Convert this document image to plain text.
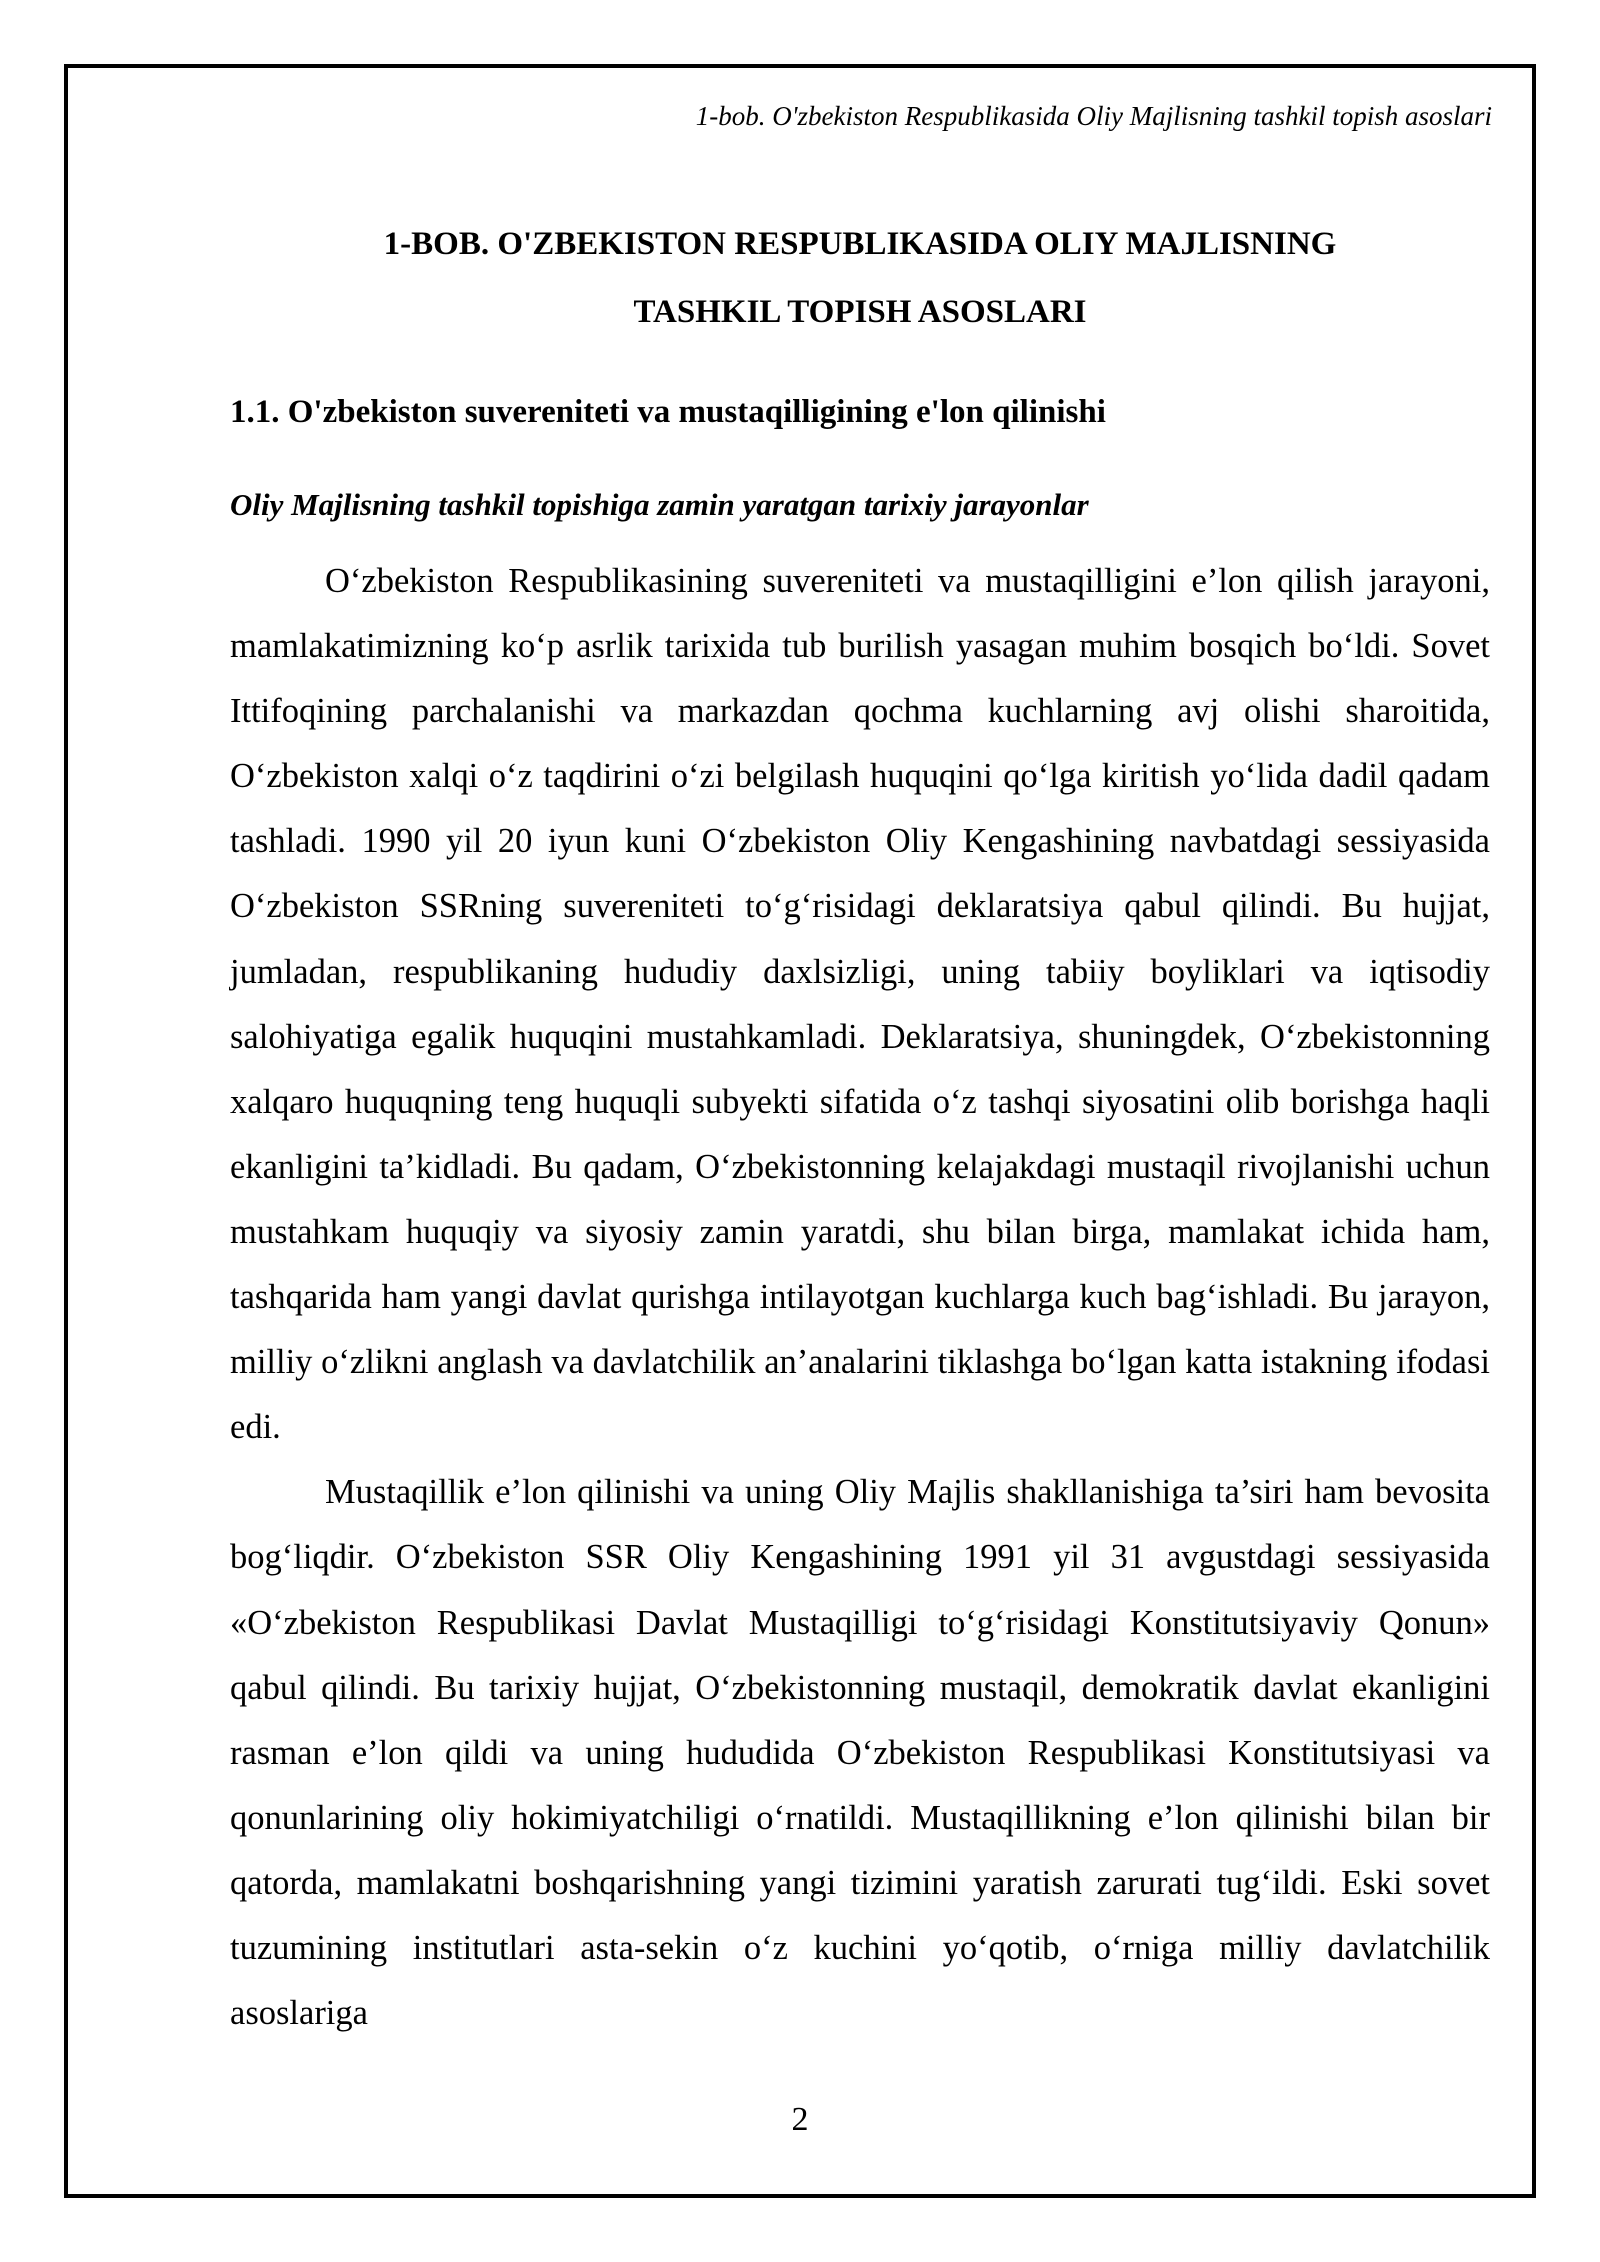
1-bob. O'zbekiston Respublikasida Oliy Majlisning tashkil topish asoslari
1-BOB. O'ZBEKISTON RESPUBLIKASIDA OLIY MAJLISNING
TASHKIL TOPISH ASOSLARI
1.1. O'zbekiston suvereniteti va mustaqilligining e'lon qilinishi
Oliy Majlisning tashkil topishiga zamin yaratgan tarixiy jarayonlar

O‘zbekiston Respublikasining suvereniteti va mustaqilligini e’lon qilish jarayoni, mamlakatimizning ko‘p asrlik tarixida tub burilish yasagan muhim bosqich bo‘ldi. Sovet Ittifoqining parchalanishi va markazdan qochma kuchlarning avj olishi sharoitida, O‘zbekiston xalqi o‘z taqdirini o‘zi belgilash huquqini qo‘lga kiritish yo‘lida dadil qadam tashladi. 1990 yil 20 iyun kuni O‘zbekiston Oliy Kengashining navbatdagi sessiyasida O‘zbekiston SSRning suvereniteti to‘g‘risidagi deklaratsiya qabul qilindi. Bu hujjat, jumladan, respublikaning hududiy daxlsizligi, uning tabiiy boyliklari va iqtisodiy salohiyatiga egalik huquqini mustahkamladi. Deklaratsiya, shuningdek, O‘zbekistonning xalqaro huquqning teng huquqli subyekti sifatida o‘z tashqi siyosatini olib borishga haqli ekanligini ta’kidladi. Bu qadam, O‘zbekistonning kelajakdagi mustaqil rivojlanishi uchun mustahkam huquqiy va siyosiy zamin yaratdi, shu bilan birga, mamlakat ichida ham, tashqarida ham yangi davlat qurishga intilayotgan kuchlarga kuch bag‘ishladi. Bu jarayon, milliy o‘zlikni anglash va davlatchilik an’analarini tiklashga bo‘lgan katta istakning ifodasi edi.

Mustaqillik e’lon qilinishi va uning Oliy Majlis shakllanishiga ta’siri ham bevosita bog‘liqdir. O‘zbekiston SSR Oliy Kengashining 1991 yil 31 avgustdagi sessiyasida «O‘zbekiston Respublikasi Davlat Mustaqilligi to‘g‘risidagi Konstitutsiyaviy Qonun» qabul qilindi. Bu tarixiy hujjat, O‘zbekistonning mustaqil, demokratik davlat ekanligini rasman e’lon qildi va uning hududida O‘zbekiston Respublikasi Konstitutsiyasi va qonunlarining oliy hokimiyatchiligi o‘rnatildi. Mustaqillikning e’lon qilinishi bilan bir qatorda, mamlakatni boshqarishning yangi tizimini yaratish zarurati tug‘ildi. Eski sovet tuzumining institutlari asta-sekin o‘z kuchini yo‘qotib, o‘rniga milliy davlatchilik asoslariga

2
